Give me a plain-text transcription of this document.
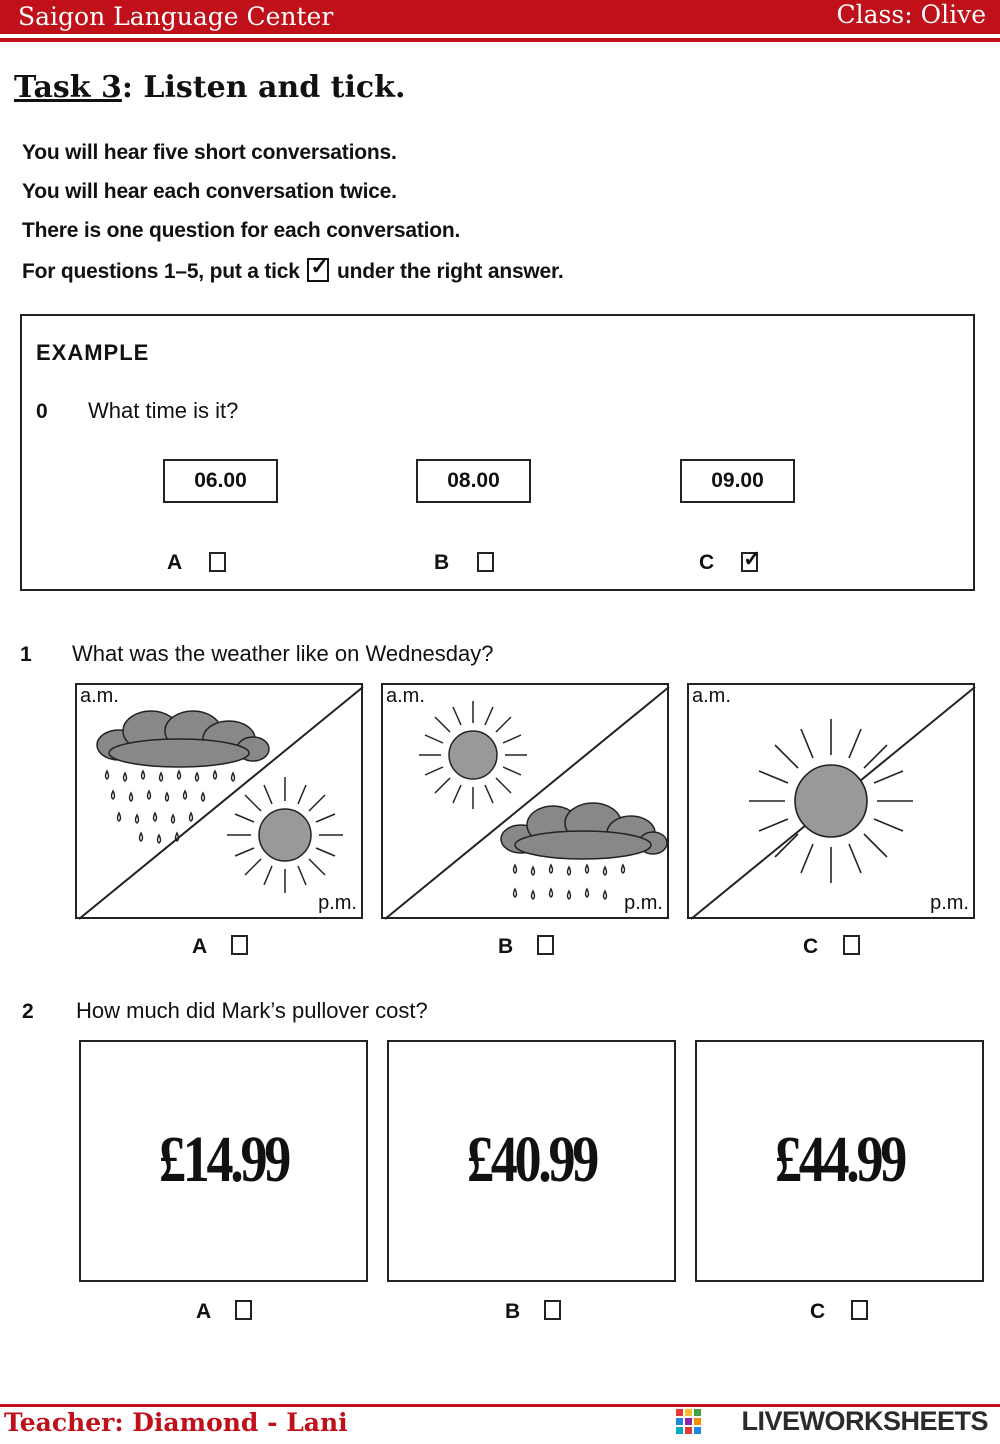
Saigon Language Center	Class: Olive
Task 3: Listen and tick.
You will hear five short conversations.
You will hear each conversation twice.
There is one question for each conversation.
For questions 1–5, put a tick ✓ under the right answer.
EXAMPLE
0 What time is it?
06.00	08.00	09.00
A	B	C
✓
1 What was the weather like on Wednesday?
a.m.
p.m.
a.m.
p.m.
a.m.
p.m.
A	B	C
2 How much did Mark’s pullover cost?
£14.99	£40.99	£44.99
A	B	C
Teacher: Diamond - Lani	LIVEWORKSHEETS
